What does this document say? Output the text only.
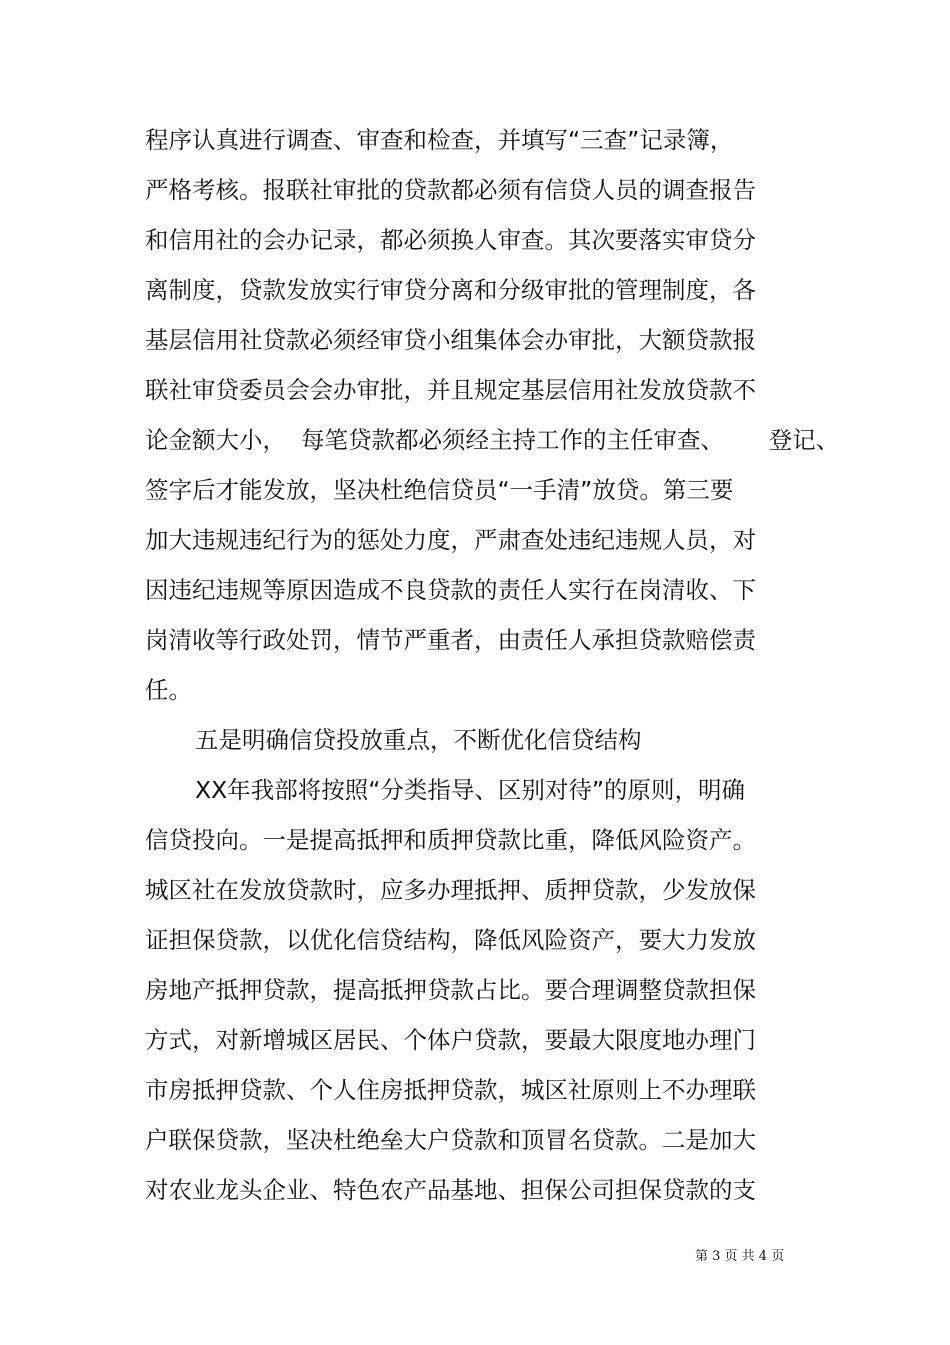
程序认真进行调查、审查和检查，并填写“三查”记录簿，
严格考核。报联社审批的贷款都必须有信贷人员的调查报告
和信用社的会办记录，都必须换人审查。其次要落实审贷分
离制度，贷款发放实行审贷分离和分级审批的管理制度，各
基层信用社贷款必须经审贷小组集体会办审批，大额贷款报
联社审贷委员会会办审批，并且规定基层信用社发放贷款不
论金额大小，  每笔贷款都必须经主持工作的主任审查、      登记、
签字后才能发放，坚决杜绝信贷员“一手清”放贷。第三要
加大违规违纪行为的惩处力度，严肃查处违纪违规人员，对
因违纪违规等原因造成不良贷款的责任人实行在岗清收、下
岗清收等行政处罚，情节严重者，由责任人承担贷款赔偿责
任。
五是明确信贷投放重点，不断优化信贷结构
XX年我部将按照“分类指导、区别对待”的原则，明确
信贷投向。一是提高抵押和质押贷款比重，降低风险资产。
城区社在发放贷款时，应多办理抵押、质押贷款，少发放保
证担保贷款，以优化信贷结构，降低风险资产，要大力发放
房地产抵押贷款，提高抵押贷款占比。要合理调整贷款担保
方式，对新增城区居民、个体户贷款，要最大限度地办理门
市房抵押贷款、个人住房抵押贷款，城区社原则上不办理联
户联保贷款，坚决杜绝垒大户贷款和顶冒名贷款。二是加大
对农业龙头企业、特色农产品基地、担保公司担保贷款的支
第 3 页 共 4 页
